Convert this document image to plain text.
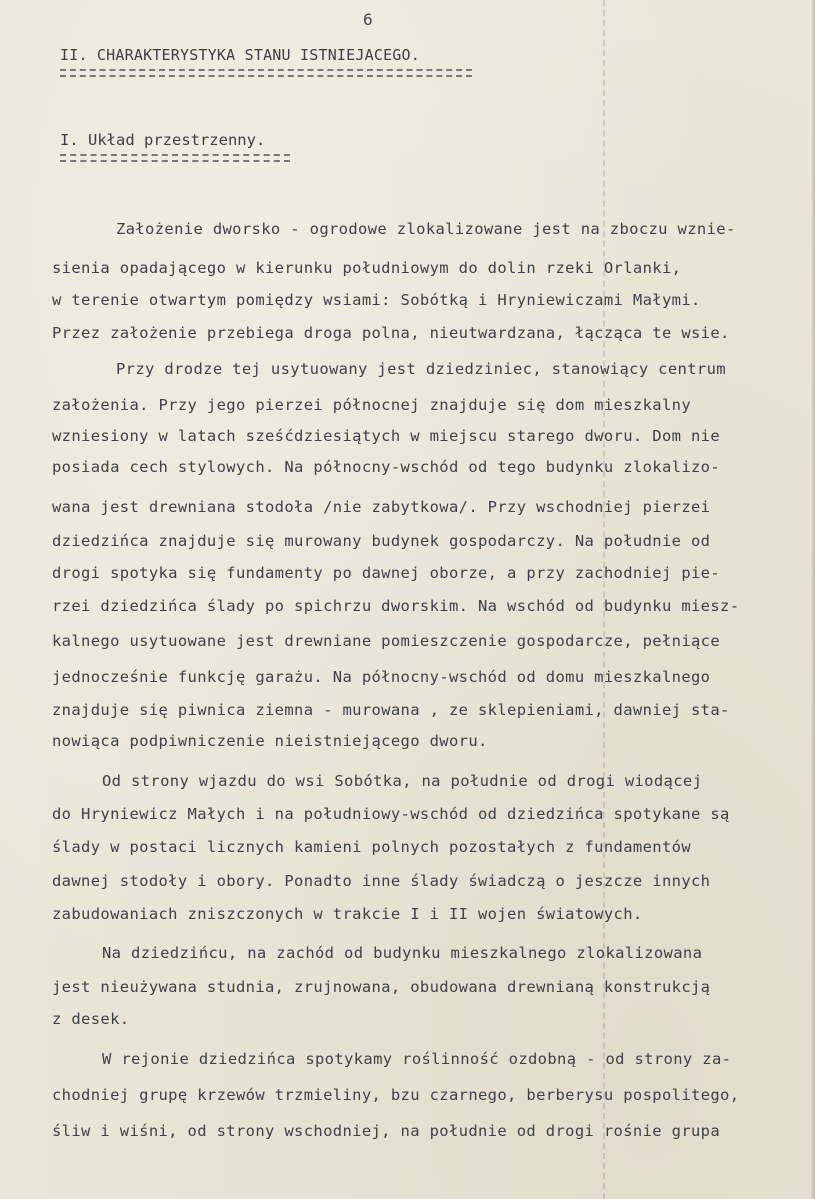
6
II. CHARAKTERYSTYKA STANU ISTNIEJACEGO.
I. Układ przestrzenny.
Założenie dworsko - ogrodowe zlokalizowane jest na zboczu wznie-
sienia opadającego w kierunku południowym do dolin rzeki Orlanki,
w terenie otwartym pomiędzy wsiami: Sobótką i Hryniewiczami Małymi.
Przez założenie przebiega droga polna, nieutwardzana, łącząca te wsie.
Przy drodze tej usytuowany jest dziedziniec, stanowiący centrum
założenia. Przy jego pierzei północnej znajduje się dom mieszkalny
wzniesiony w latach sześćdziesiątych w miejscu starego dworu. Dom nie
posiada cech stylowych. Na północny-wschód od tego budynku zlokalizo-
wana jest drewniana stodoła /nie zabytkowa/. Przy wschodniej pierzei
dziedzińca znajduje się murowany budynek gospodarczy. Na południe od
drogi spotyka się fundamenty po dawnej oborze, a przy zachodniej pie-
rzei dziedzińca ślady po spichrzu dworskim. Na wschód od budynku miesz-
kalnego usytuowane jest drewniane pomieszczenie gospodarcze, pełniące
jednocześnie funkcję garażu. Na północny-wschód od domu mieszkalnego
znajduje się piwnica ziemna - murowana , ze sklepieniami, dawniej sta-
nowiąca podpiwniczenie nieistniejącego dworu.
Od strony wjazdu do wsi Sobótka, na południe od drogi wiodącej
do Hryniewicz Małych i na południowy-wschód od dziedzińca spotykane są
ślady w postaci licznych kamieni polnych pozostałych z fundamentów
dawnej stodoły i obory. Ponadto inne ślady świadczą o jeszcze innych
zabudowaniach zniszczonych w trakcie I i II wojen światowych.
Na dziedzińcu, na zachód od budynku mieszkalnego zlokalizowana
jest nieużywana studnia, zrujnowana, obudowana drewnianą konstrukcją
z desek.
W rejonie dziedzińca spotykamy roślinność ozdobną - od strony za-
chodniej grupę krzewów trzmieliny, bzu czarnego, berberysu pospolitego,
śliw i wiśni, od strony wschodniej, na południe od drogi rośnie grupa
